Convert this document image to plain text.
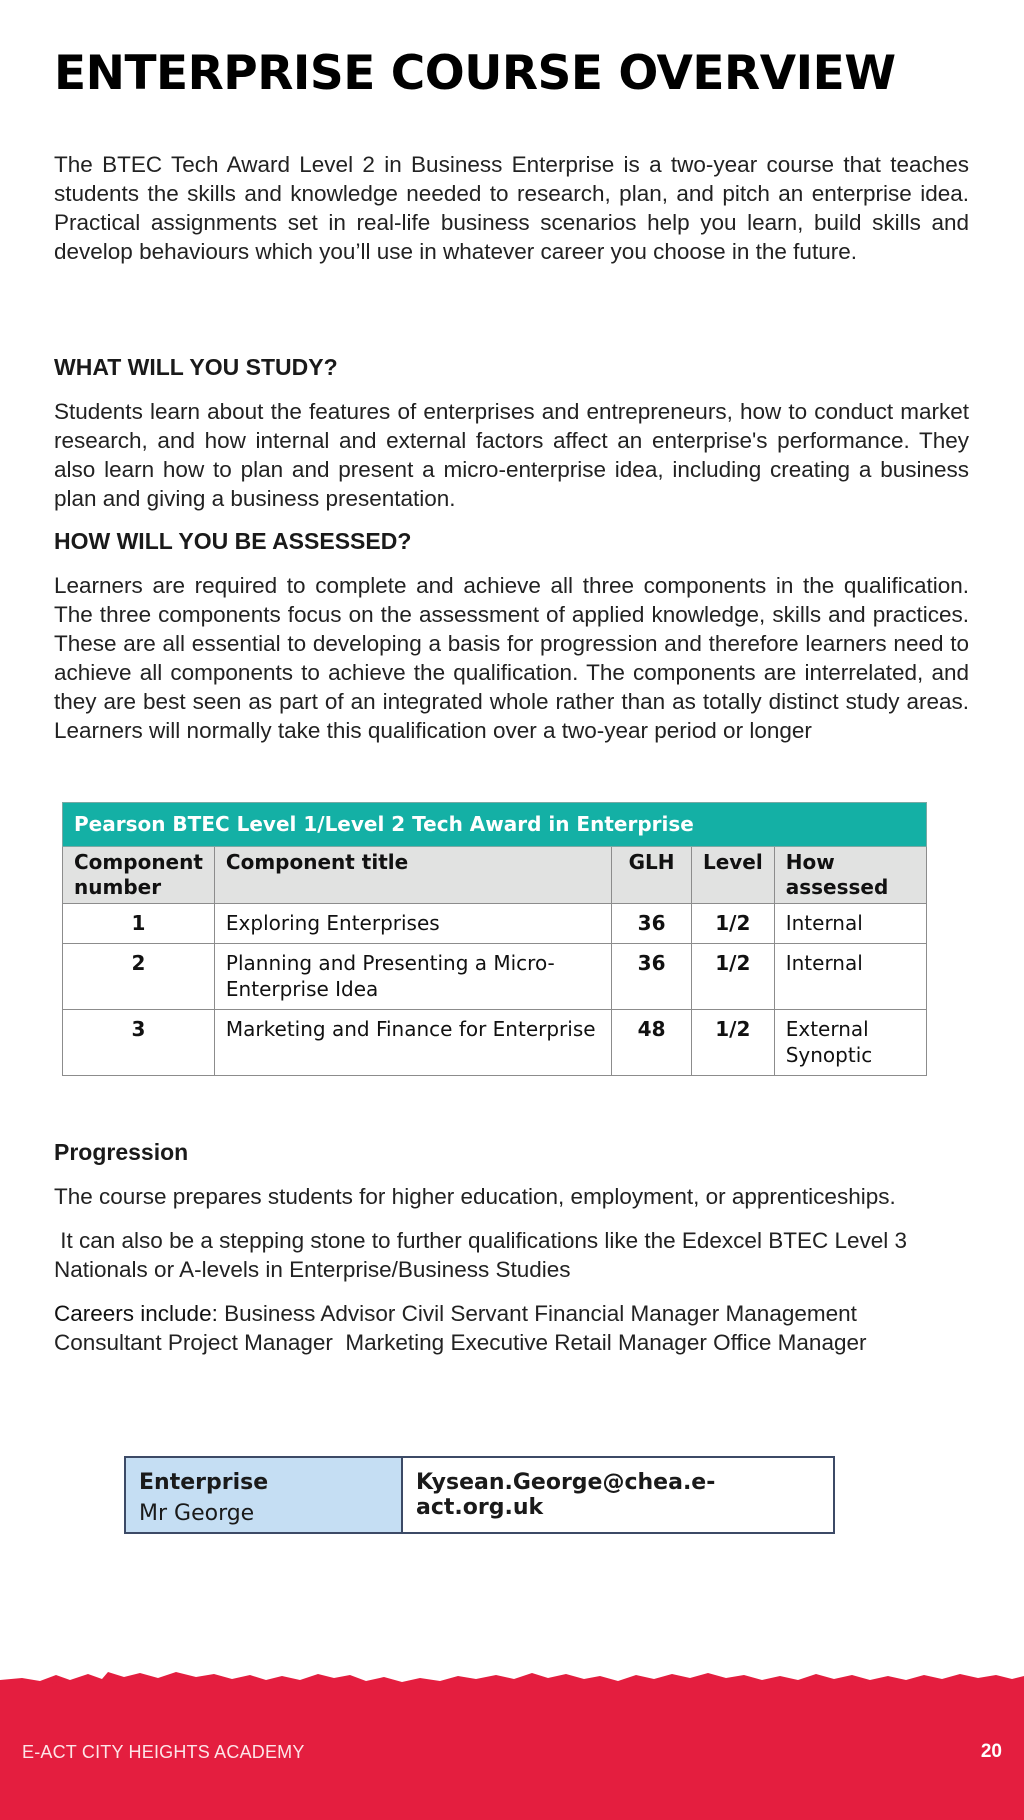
ENTERPRISE COURSE OVERVIEW

The BTEC Tech Award Level 2 in Business Enterprise is a two-year course that teaches students the skills and knowledge needed to research, plan, and pitch an enterprise idea. Practical assignments set in real-life business scenarios help you learn, build skills and develop behaviours which you’ll use in whatever career you choose in the future.

WHAT WILL YOU STUDY?

Students learn about the features of enterprises and entrepreneurs, how to conduct market research, and how internal and external factors affect an enterprise's performance. They also learn how to plan and present a micro-enterprise idea, including creating a business plan and giving a business presentation.

HOW WILL YOU BE ASSESSED?

Learners are required to complete and achieve all three components in the qualification. The three components focus on the assessment of applied knowledge, skills and practices. These are all essential to developing a basis for progression and therefore learners need to achieve all components to achieve the qualification. The components are interrelated, and they are best seen as part of an integrated whole rather than as totally distinct study areas. Learners will normally take this qualification over a two-year period or longer

Pearson BTEC Level 1/Level 2 Tech Award in Enterprise				
Component number	Component title	GLH	Level	How assessed
1	Exploring Enterprises	36	1/2	Internal
2	Planning and Presenting a Micro-Enterprise Idea	36	1/2	Internal
3	Marketing and Finance for Enterprise	48	1/2	External Synoptic
Progression

The course prepares students for higher education, employment, or apprenticeships.

It can also be a stepping stone to further qualifications like the Edexcel BTEC Level 3 Nationals or A-levels in Enterprise/Business Studies

Careers include: Business Advisor Civil Servant Financial Manager Management Consultant Project Manager  Marketing Executive Retail Manager Office Manager

Enterprise
Mr George
Kysean.George@chea.e-act.org.uk
E-ACT CITY HEIGHTS ACADEMY	20
